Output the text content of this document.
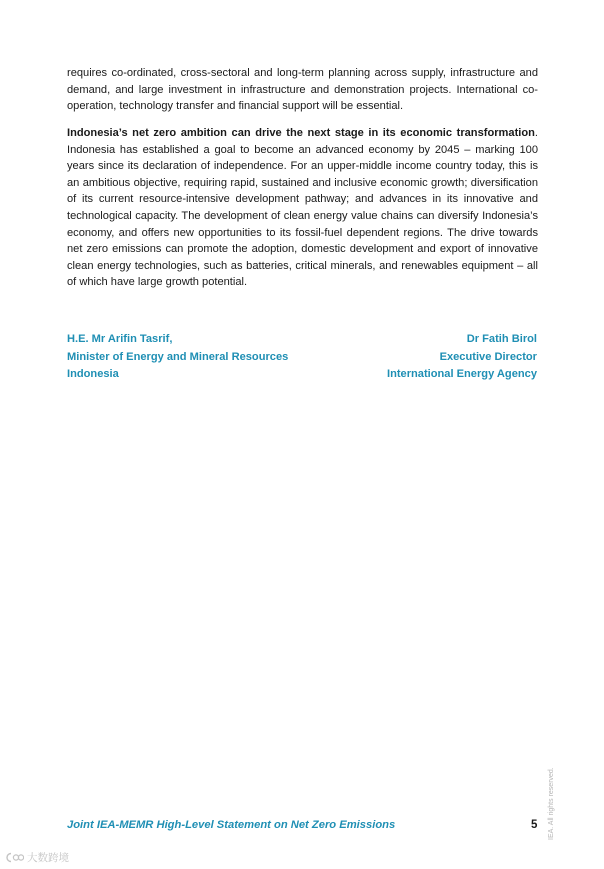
requires co-ordinated, cross-sectoral and long-term planning across supply, infrastructure and demand, and large investment in infrastructure and demonstration projects. International co-operation, technology transfer and financial support will be essential.

Indonesia’s net zero ambition can drive the next stage in its economic transformation. Indonesia has established a goal to become an advanced economy by 2045 – marking 100 years since its declaration of independence. For an upper-middle income country today, this is an ambitious objective, requiring rapid, sustained and inclusive economic growth; diversification of its current resource-intensive development pathway; and advances in its innovative and technological capacity. The development of clean energy value chains can diversify Indonesia’s economy, and offers new opportunities to its fossil-fuel dependent regions. The drive towards net zero emissions can promote the adoption, domestic development and export of innovative clean energy technologies, such as batteries, critical minerals, and renewables equipment – all of which have large growth potential.

H.E. Mr Arifin Tasrif,
Minister of Energy and Mineral Resources
Indonesia
Dr Fatih Birol
Executive Director
International Energy Agency
IEA. All rights reserved.
Joint IEA-MEMR High-Level Statement on Net Zero Emissions	5
大数跨境
